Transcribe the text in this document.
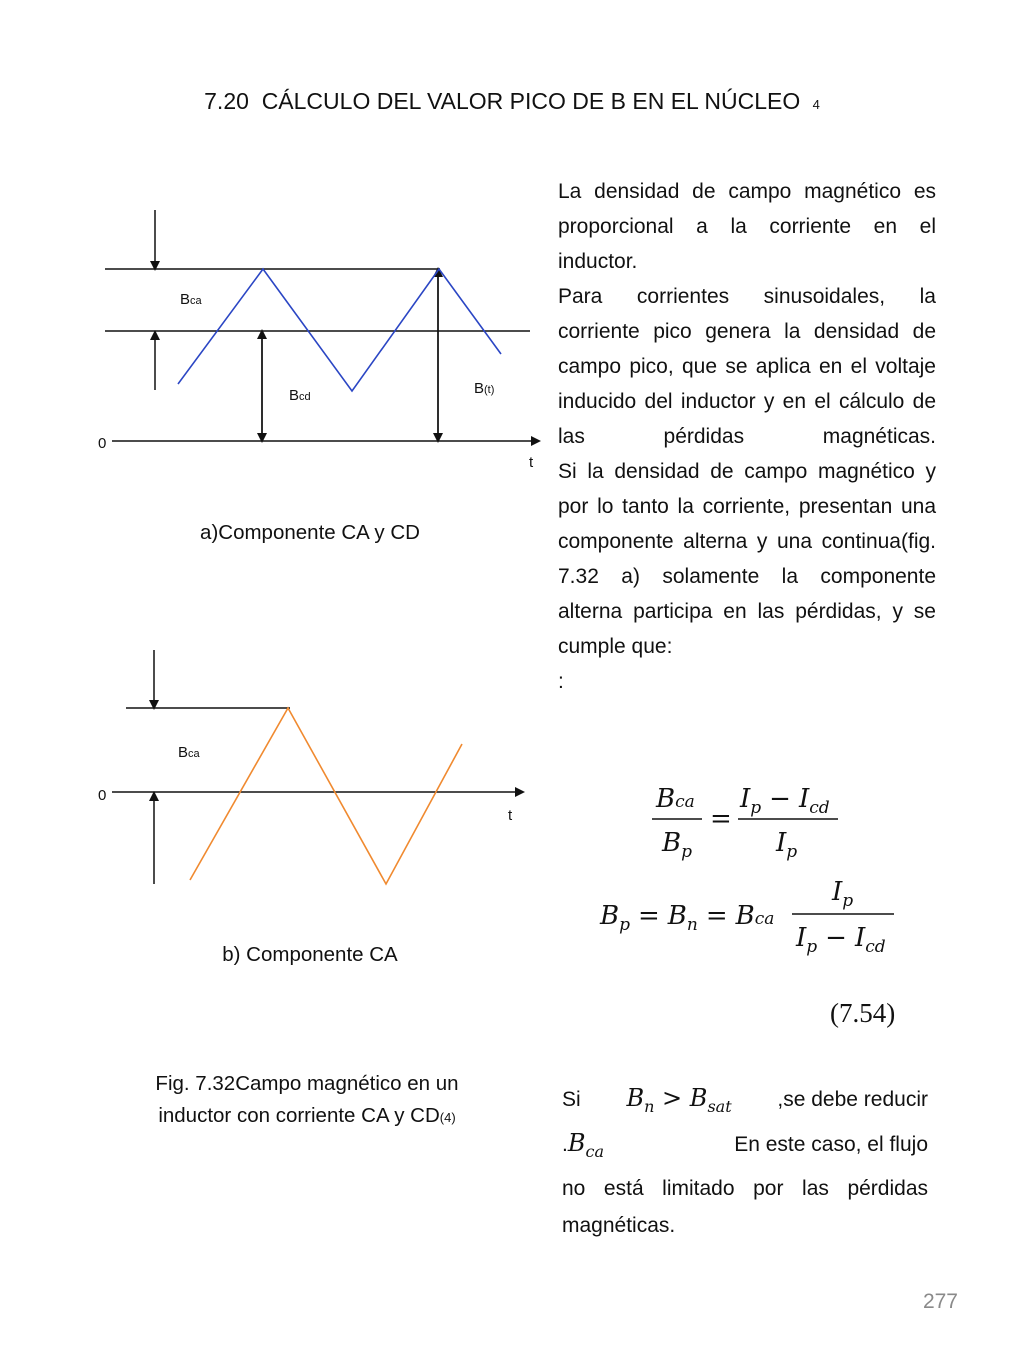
7.20 CÁLCULO DEL VALOR PICO DE B EN EL NÚCLEO 4
Bca
Bcd	B(t)
0
t
a)Componente CA y CD
Bca
0
t
b) Componente CA
Fig. 7.32Campo magnético en un
inductor con corriente CA y CD(4)

La densidad de campo magnético es proporcional a la corriente en el inductor.

Para corrientes sinusoidales, la corriente pico genera la densidad de campo pico, que se aplica en el voltaje inducido del inductor y en el cálculo de las pérdidas magnéticas.

Si la densidad de campo magnético y por lo tanto la corriente, presentan una componente alterna y una continua(fig. 7.32 a) solamente la componente alterna participa en las pérdidas, y se cumple que:

:

Bca
$B_p$
=
$I_p - I_{cd}$
$I_p$
$B_p = B_n$ = Bca
$I_p$
$I_p - I_{cd}$
(7.54)
Si $B_n > B_{sat}$ ,se debe reducir
$.B_{ca}$	En este caso, el flujo
no está limitado por las pérdidas magnéticas.
277
